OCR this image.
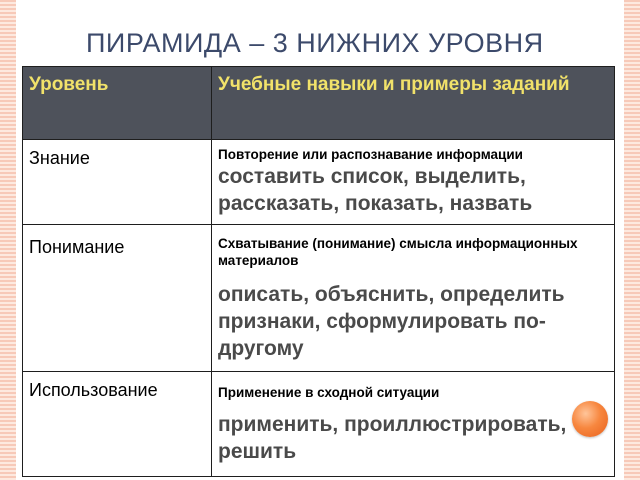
ПИРАМИДА – 3 НИЖНИХ УРОВНЯ
Уровень	Учебные навыки и примеры заданий

Знание	Повторение или распознавание информации
составить список, выделить, рассказать, показать, назвать

Понимание	Схватывание (понимание) смысла информационных материалов
описать, объяснить, определить признаки, сформулировать по-другому

Использование	Применение в сходной ситуации
применить, проиллюстрировать, решить
